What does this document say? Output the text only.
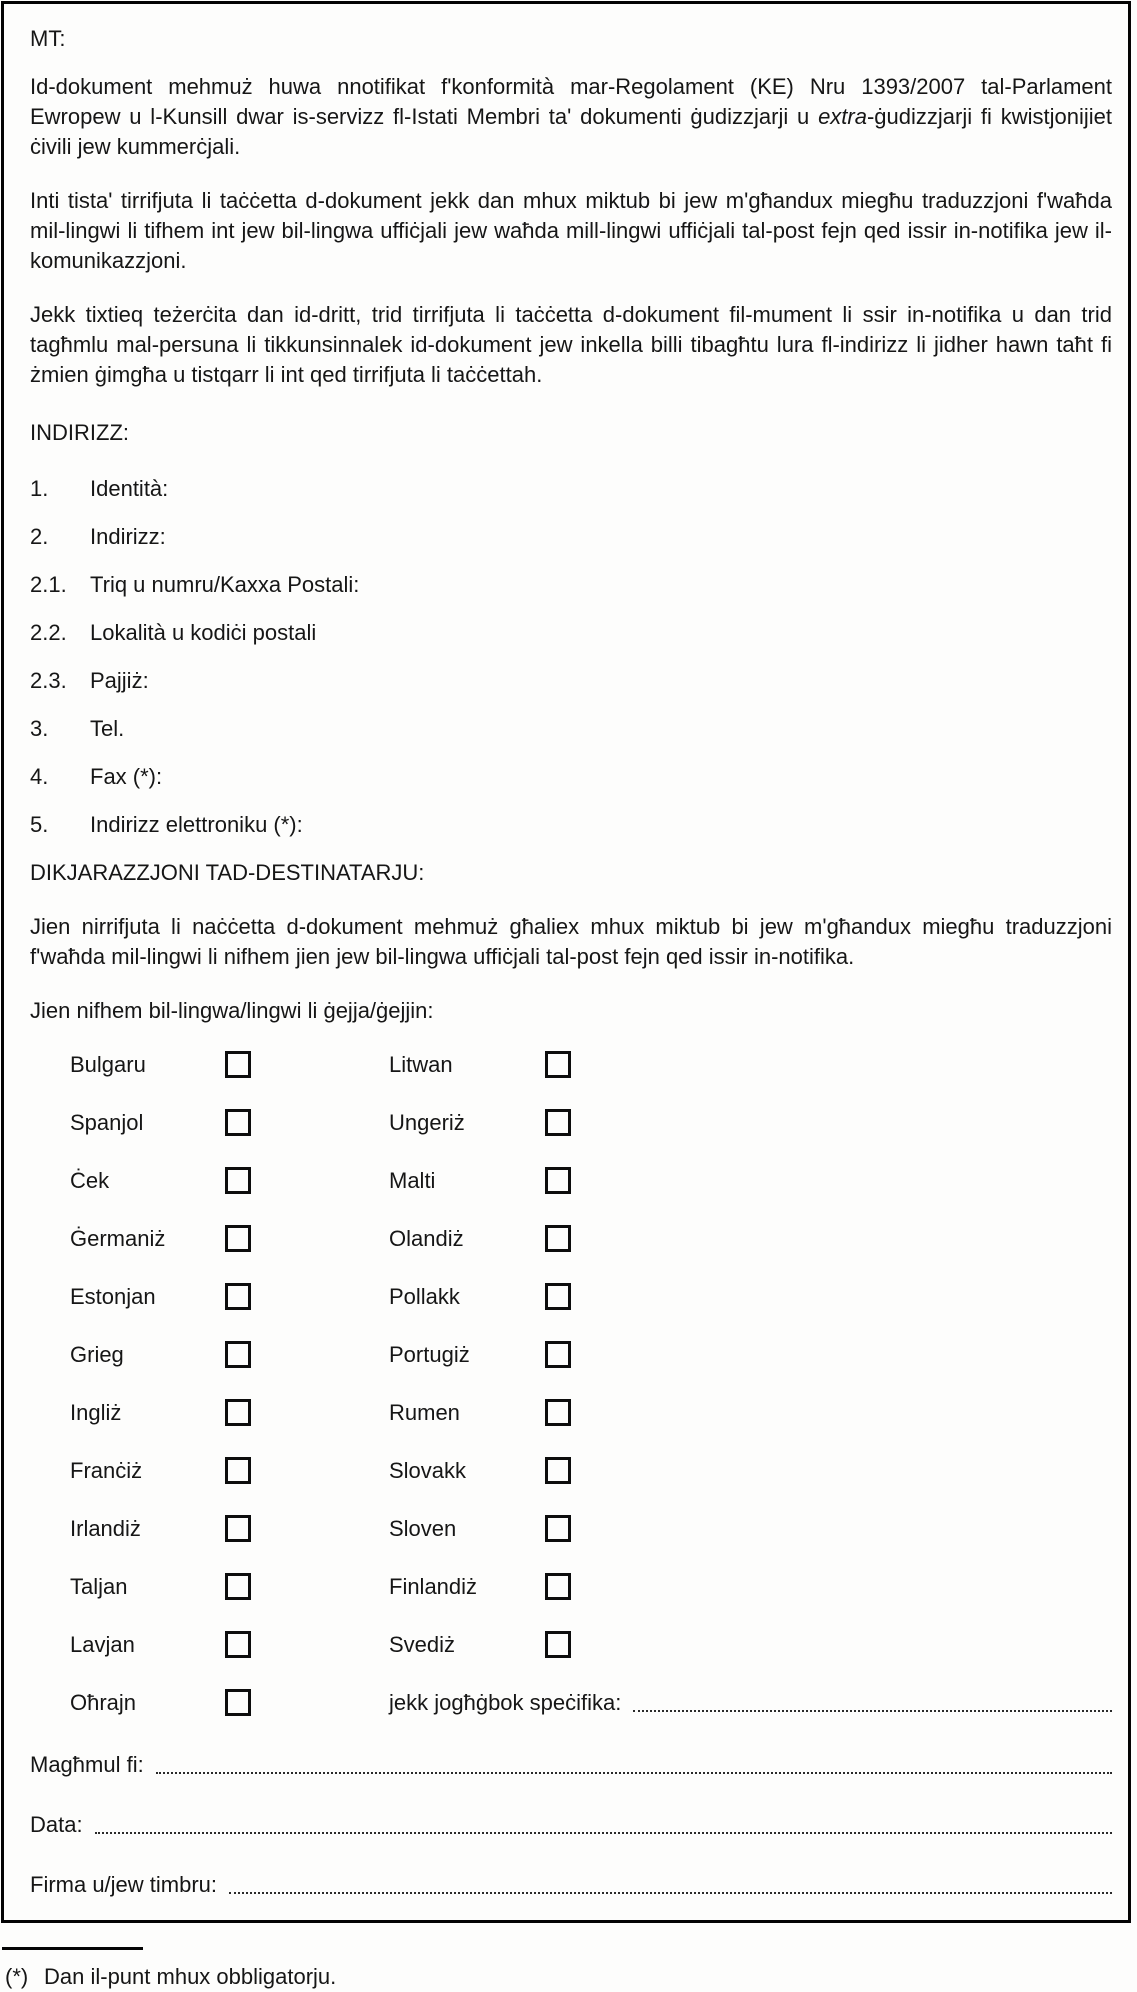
MT:

Id-dokument mehmuż huwa nnotifikat f'konformità mar-Regolament (KE) Nru 1393/2007 tal-Parlament Ewropew u l-Kunsill dwar is-servizz fl-Istati Membri ta' dokumenti ġudizzjarji u extra-ġudizzjarji fi kwistjonijiet ċivili jew kummerċjali.

Inti tista' tirrifjuta li taċċetta d-dokument jekk dan mhux miktub bi jew m'għandux miegħu traduzzjoni f'waħda mil-lingwi li tifhem int jew bil-lingwa uffiċjali jew waħda mill-lingwi uffiċjali tal-post fejn qed issir in-notifika jew il-komunikazzjoni.

Jekk tixtieq teżerċita dan id-dritt, trid tirrifjuta li taċċetta d-dokument fil-mument li ssir in-notifika u dan trid tagħmlu mal-persuna li tikkunsinnalek id-dokument jew inkella billi tibagħtu lura fl-indirizz li jidher hawn taħt fi żmien ġimgħa u tistqarr li int qed tirrifjuta li taċċettah.

INDIRIZZ:
1.	Identità:
2.	Indirizz:
2.1.	Triq u numru/Kaxxa Postali:
2.2.	Lokalità u kodiċi postali
2.3.	Pajjiż:
3.	Tel.
4.	Fax (*):
5.	Indirizz elettroniku (*):
DIKJARAZZJONI TAD-DESTINATARJU:

Jien nirrifjuta li naċċetta d-dokument mehmuż għaliex mhux miktub bi jew m'għandux miegħu traduzzjoni f'waħda mil-lingwi li nifhem jien jew bil-lingwa uffiċjali tal-post fejn qed issir in-notifika.

Jien nifhem bil-lingwa/lingwi li ġejja/ġejjin:

Bulgaru	Litwan
Spanjol	Ungeriż
Ċek	Malti
Ġermaniż	Olandiż
Estonjan	Pollakk
Grieg	Portugiż
Ingliż	Rumen
Franċiż	Slovakk
Irlandiż	Sloven
Taljan	Finlandiż
Lavjan	Svediż
Oħrajn	jekk jogħġbok speċifika:
Magħmul fi:
Data:
Firma u/jew timbru:
(*) Dan il-punt mhux obbligatorju.
